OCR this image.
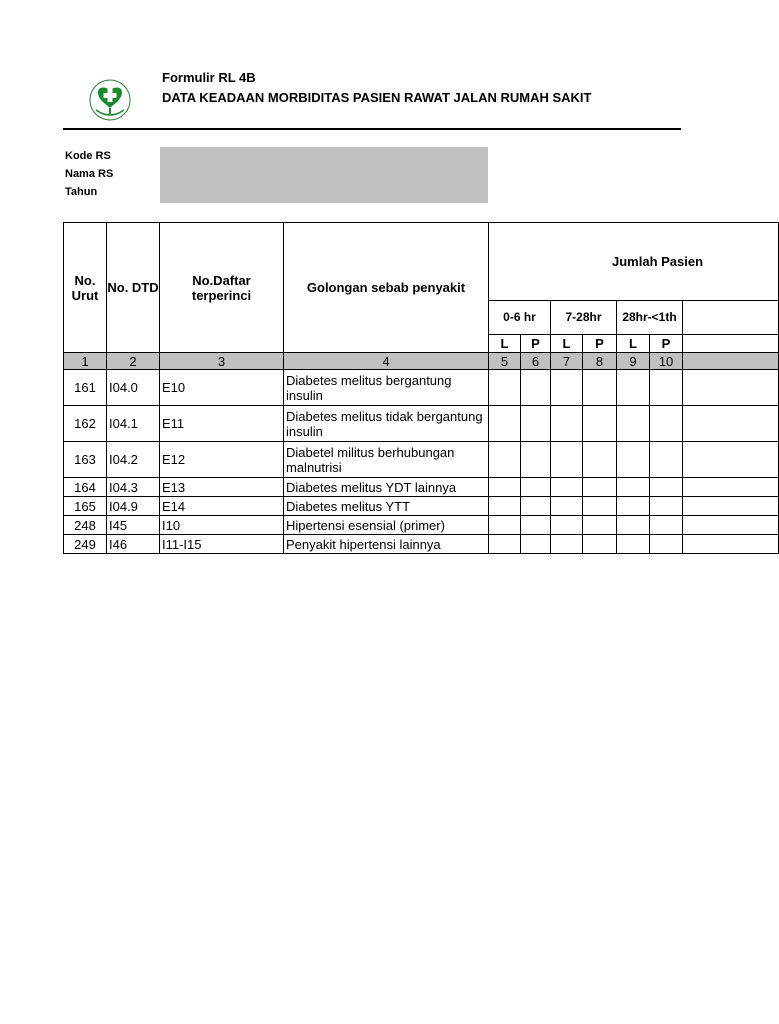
Formulir RL 4B
DATA KEADAAN MORBIDITAS PASIEN RAWAT JALAN RUMAH SAKIT
Kode RS
Nama RS
Tahun
No. Urut	No. DTD	No.Daftar terperinci	Golongan sebab penyakit	Jumlah Pasien						
				0-6 hr		7-28hr		28hr-<1th		
				L	P	L	P	L	P	
1	2	3	4	5	6	7	8	9	10	
161	I04.0	E10	Diabetes melitus bergantung insulin							
162	I04.1	E11	Diabetes melitus tidak bergantung insulin							
163	I04.2	E12	Diabetel militus berhubungan malnutrisi							
164	I04.3	E13	Diabetes melitus YDT lainnya							
165	I04.9	E14	Diabetes melitus YTT							
248	I45	I10	Hipertensi esensial (primer)							
249	I46	I11-I15	Penyakit hipertensi lainnya							
